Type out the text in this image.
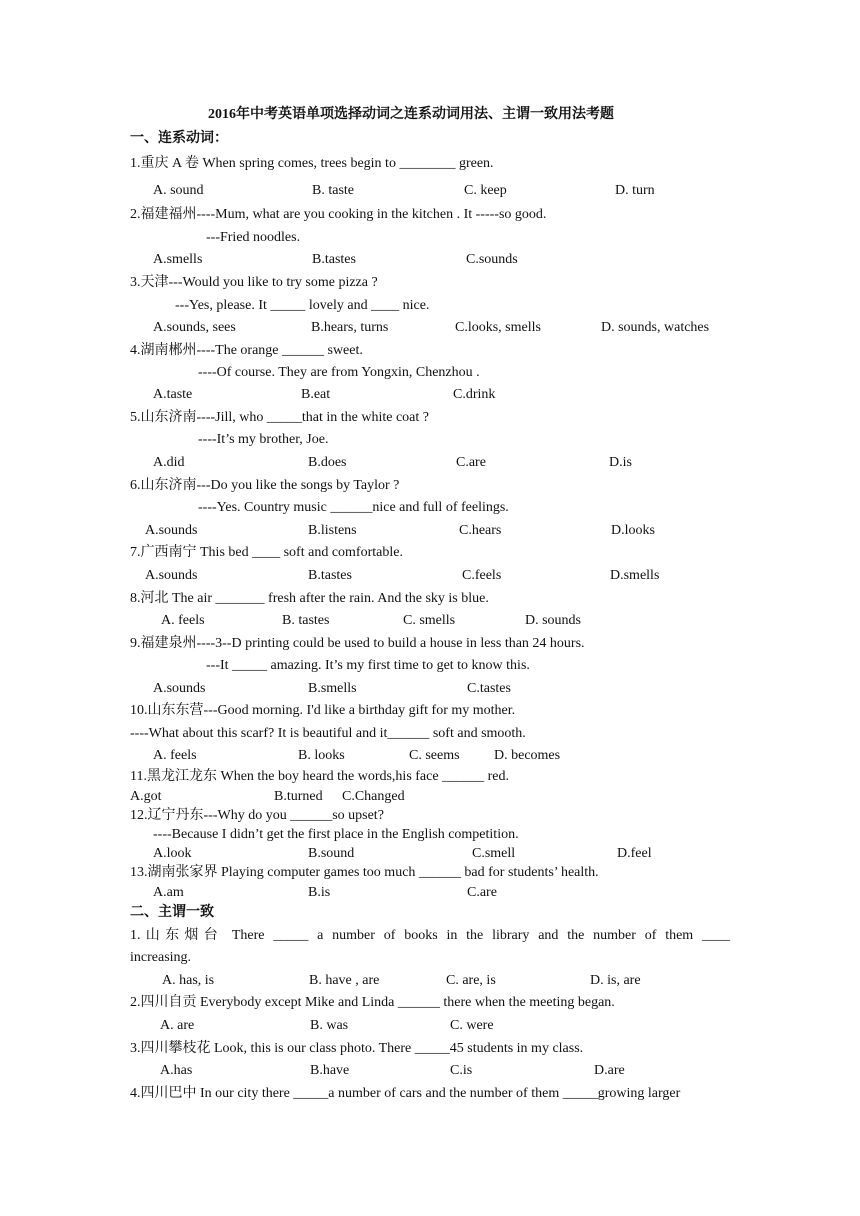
2016年中考英语单项选择动词之连系动词用法、主谓一致用法考题
一、连系动词：
1.重庆 A 卷 When spring comes, trees begin to ________ green.
A. sound	B. taste	C. keep	D. turn
2.福建福州----Mum, what are you cooking in the kitchen . It -----so good.
---Fried noodles.
A.smells	B.tastes	C.sounds
3.天津---Would you like to try some pizza ?
---Yes, please. It _____ lovely and ____ nice.
A.sounds, sees	B.hears, turns	C.looks, smells	D. sounds, watches
4.湖南郴州----The orange ______ sweet.
----Of course. They are from Yongxin, Chenzhou .
A.taste	B.eat	C.drink
5.山东济南----Jill, who _____that in the white coat ?
----It’s my brother, Joe.
A.did	B.does	C.are	D.is
6.山东济南---Do you like the songs by Taylor ?
----Yes. Country music ______nice and full of feelings.
A.sounds	B.listens	C.hears	D.looks
7.广西南宁 This bed ____ soft and comfortable.
A.sounds	B.tastes	C.feels	D.smells
8.河北 The air _______ fresh after the rain. And the sky is blue.
A. feels	B. tastes	C. smells	D. sounds
9.福建泉州----3--D printing could be used to build a house in less than 24 hours.
---It _____ amazing. It’s my first time to get to know this.
A.sounds	B.smells	C.tastes
10.山东东营---Good morning. I'd like a birthday gift for my mother.
----What about this scarf? It is beautiful and it______ soft and smooth.
A. feels	B. looks	C. seems D. becomes
11.黑龙江龙东 When the boy heard the words,his face ______ red.
A.got	B.turned C.Changed
12.辽宁丹东---Why do you ______so upset?
----Because I didn’t get the first place in the English competition.
A.look	B.sound	C.smell	D.feel
13.湖南张家界 Playing computer games too much ______ bad for students’ health.
A.am	B.is	C.are
二、主谓一致
1.山东烟台 There _____ a number of books in the library and the number of them ____
increasing.
A. has, is	B. have , are	C. are, is	D. is, are
2.四川自贡 Everybody except Mike and Linda ______ there when the meeting began.
A. are	B. was	C. were
3.四川攀枝花 Look, this is our class photo. There _____45 students in my class.
A.has	B.have	C.is	D.are
4.四川巴中 In our city there _____a number of cars and the number of them _____growing larger
